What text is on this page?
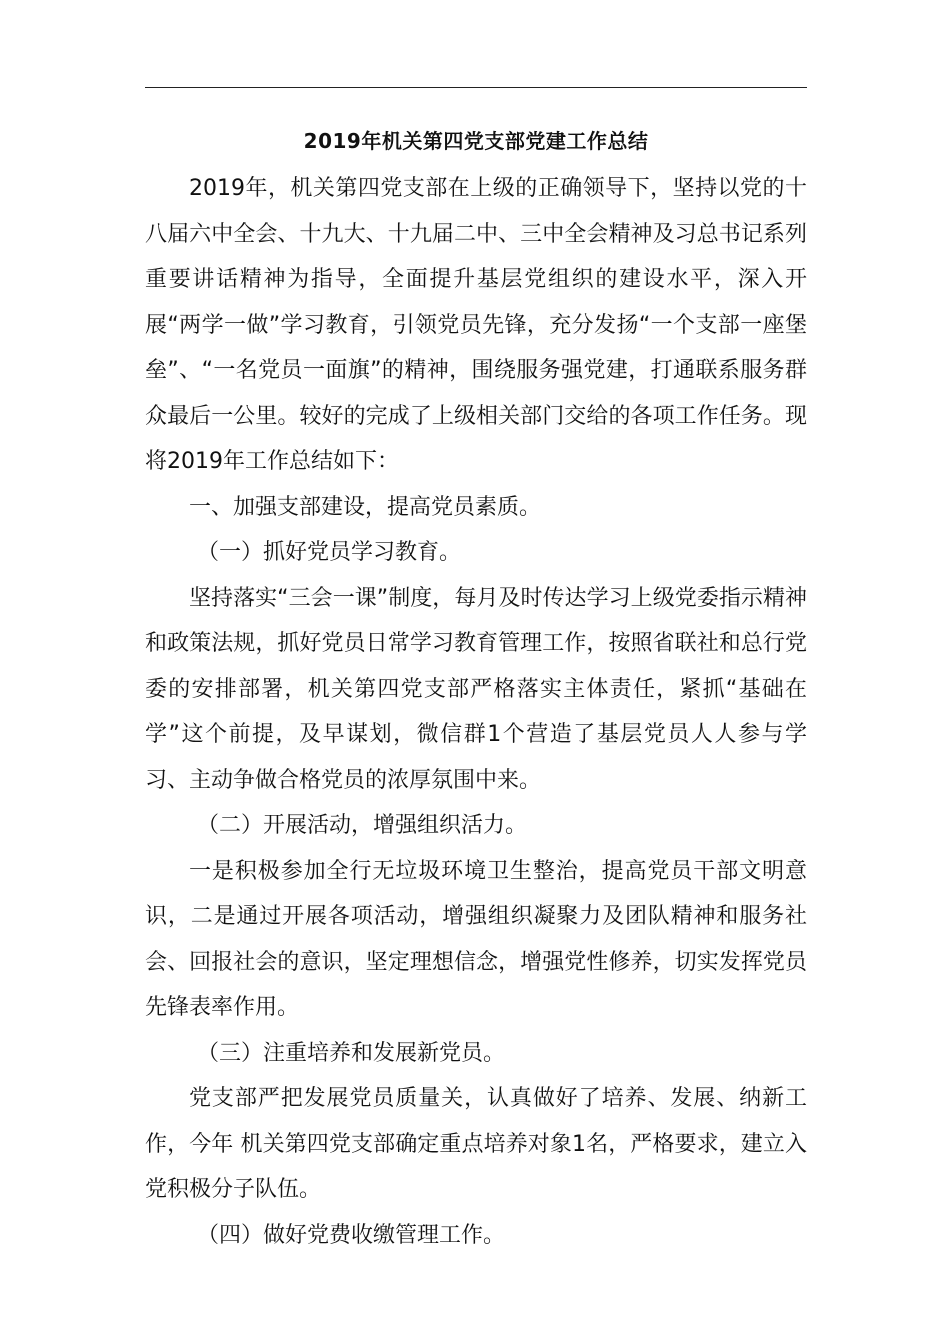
2019年机关第四党支部党建工作总结

2019年，机关第四党支部在上级的正确领导下，坚持以党的十八届六中全会、十九大、十九届二中、三中全会精神及习总书记系列重要讲话精神为指导，全面提升基层党组织的建设水平，深入开展“两学一做”学习教育，引领党员先锋，充分发扬“一个支部一座堡垒”、“一名党员一面旗”的精神，围绕服务强党建，打通联系服务群众最后一公里。较好的完成了上级相关部门交给的各项工作任务。现将2019年工作总结如下：

一、加强支部建设，提高党员素质。

（一）抓好党员学习教育。

坚持落实“三会一课”制度，每月及时传达学习上级党委指示精神和政策法规，抓好党员日常学习教育管理工作，按照省联社和总行党委的安排部署，机关第四党支部严格落实主体责任，紧抓“基础在学”这个前提，及早谋划，微信群1个营造了基层党员人人参与学习、主动争做合格党员的浓厚氛围中来。

（二）开展活动，增强组织活力。

一是积极参加全行无垃圾环境卫生整治，提高党员干部文明意识，二是通过开展各项活动，增强组织凝聚力及团队精神和服务社会、回报社会的意识，坚定理想信念，增强党性修养，切实发挥党员先锋表率作用。

（三）注重培养和发展新党员。

党支部严把发展党员质量关，认真做好了培养、发展、纳新工作，今年 机关第四党支部确定重点培养对象1名，严格要求，建立入党积极分子队伍。

（四）做好党费收缴管理工作。
